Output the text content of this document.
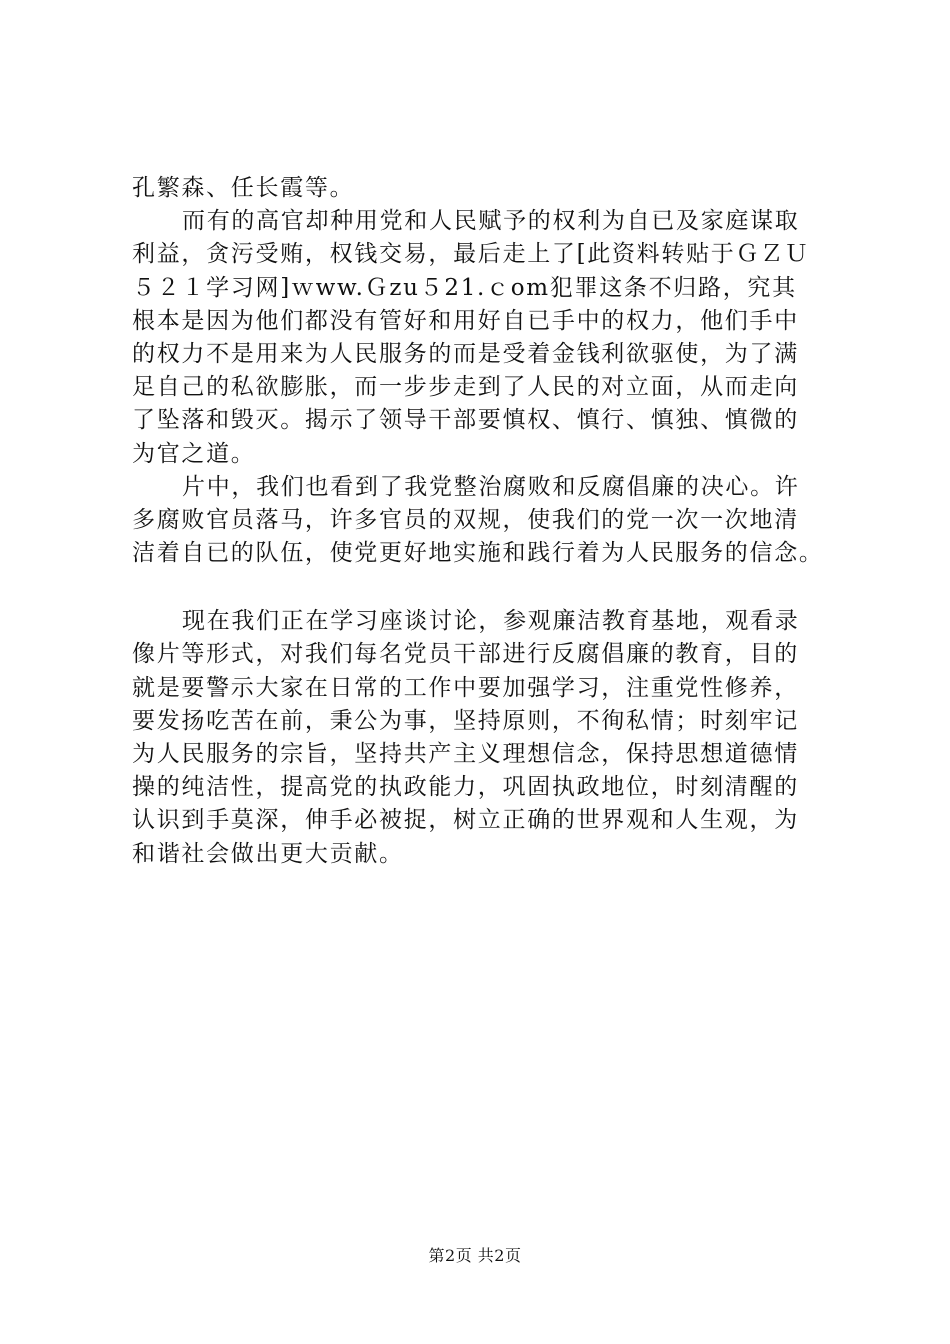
孔繁森、任长霞等。
而有的高官却种用党和人民赋予的权利为自已及家庭谋取
利益，贪污受贿，权钱交易，最后走上了[此资料转贴于ＧＺＵ
５２１学习网]ｗww.Ｇzu５21.ｃom犯罪这条不归路，究其
根本是因为他们都没有管好和用好自已手中的权力，他们手中
的权力不是用来为人民服务的而是受着金钱利欲驱使，为了满
足自己的私欲膨胀，而一步步走到了人民的对立面，从而走向
了坠落和毁灭。揭示了领导干部要慎权、慎行、慎独、慎微的
为官之道。
片中，我们也看到了我党整治腐败和反腐倡廉的决心。许
多腐败官员落马，许多官员的双规，使我们的党一次一次地清
洁着自已的队伍，使党更好地实施和践行着为人民服务的信念。
现在我们正在学习座谈讨论，参观廉洁教育基地，观看录
像片等形式，对我们每名党员干部进行反腐倡廉的教育，目的
就是要警示大家在日常的工作中要加强学习，注重党性修养，
要发扬吃苦在前，秉公为事，坚持原则，不徇私情；时刻牢记
为人民服务的宗旨，坚持共产主义理想信念，保持思想道德情
操的纯洁性，提高党的执政能力，巩固执政地位，时刻清醒的
认识到手莫深，伸手必被捉，树立正确的世界观和人生观，为
和谐社会做出更大贡献。
第2页 共2页
